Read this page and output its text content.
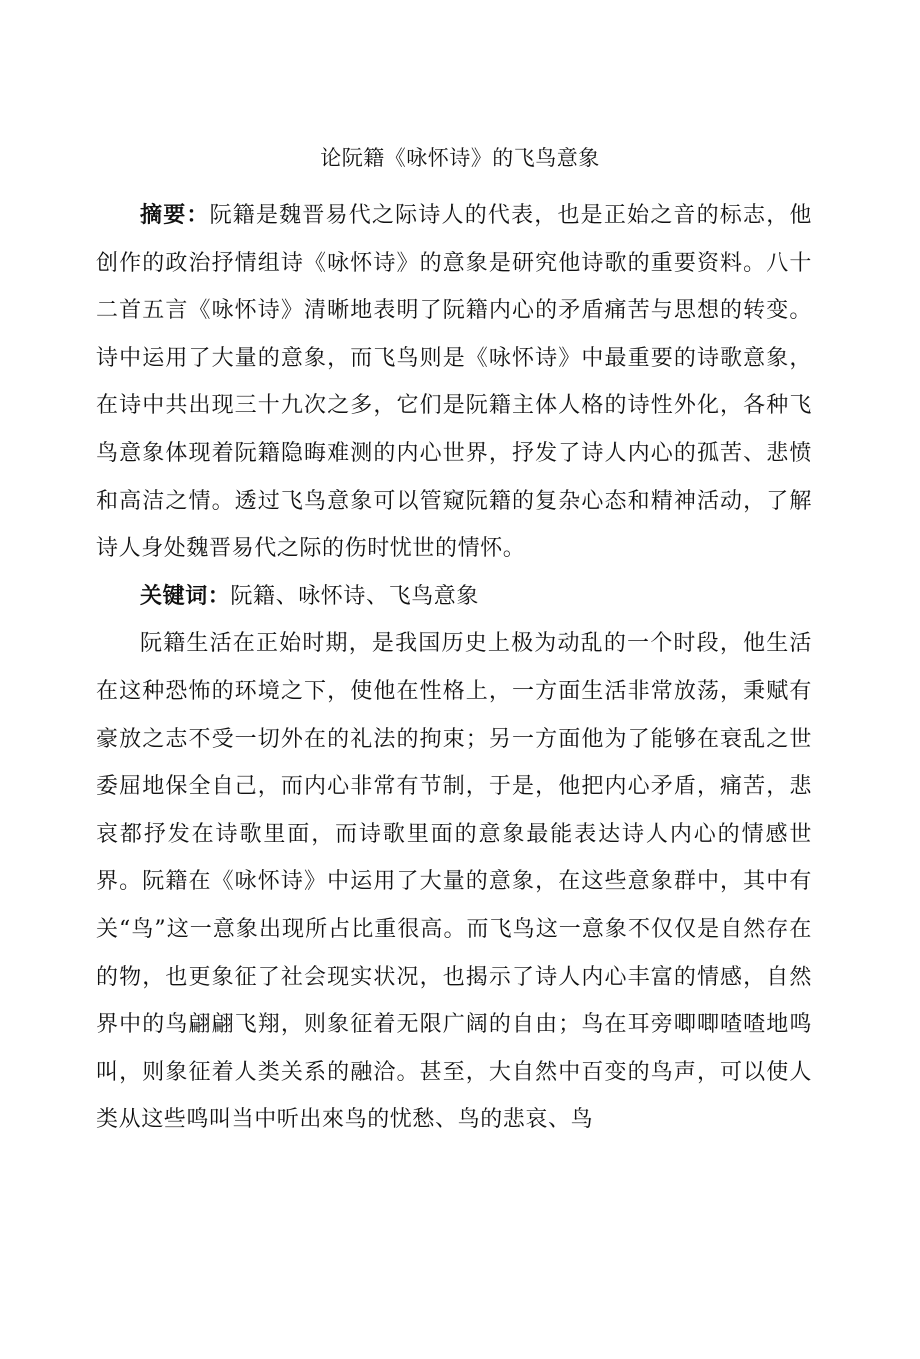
论阮籍《咏怀诗》的飞鸟意象

摘要：阮籍是魏晋易代之际诗人的代表，也是正始之音的标志，他创作的政治抒情组诗《咏怀诗》的意象是研究他诗歌的重要资料。八十二首五言《咏怀诗》清晰地表明了阮籍内心的矛盾痛苦与思想的转变。诗中运用了大量的意象，而飞鸟则是《咏怀诗》中最重要的诗歌意象，在诗中共出现三十九次之多，它们是阮籍主体人格的诗性外化，各种飞鸟意象体现着阮籍隐晦难测的内心世界，抒发了诗人内心的孤苦、悲愤和高洁之情。透过飞鸟意象可以管窥阮籍的复杂心态和精神活动，了解诗人身处魏晋易代之际的伤时忧世的情怀。

关键词：阮籍、咏怀诗、飞鸟意象

阮籍生活在正始时期，是我国历史上极为动乱的一个时段，他生活在这种恐怖的环境之下，使他在性格上，一方面生活非常放荡，秉赋有豪放之志不受一切外在的礼法的拘束；另一方面他为了能够在衰乱之世委屈地保全自己，而内心非常有节制，于是，他把内心矛盾，痛苦，悲哀都抒发在诗歌里面，而诗歌里面的意象最能表达诗人内心的情感世界。阮籍在《咏怀诗》中运用了大量的意象，在这些意象群中，其中有关“鸟”这一意象出现所占比重很高。而飞鸟这一意象不仅仅是自然存在的物，也更象征了社会现实状况，也揭示了诗人内心丰富的情感，自然界中的鸟翩翩飞翔，则象征着无限广阔的自由；鸟在耳旁唧唧喳喳地鸣叫，则象征着人类关系的融洽。甚至，大自然中百变的鸟声，可以使人类从这些鸣叫当中听出來鸟的忧愁、鸟的悲哀、鸟
